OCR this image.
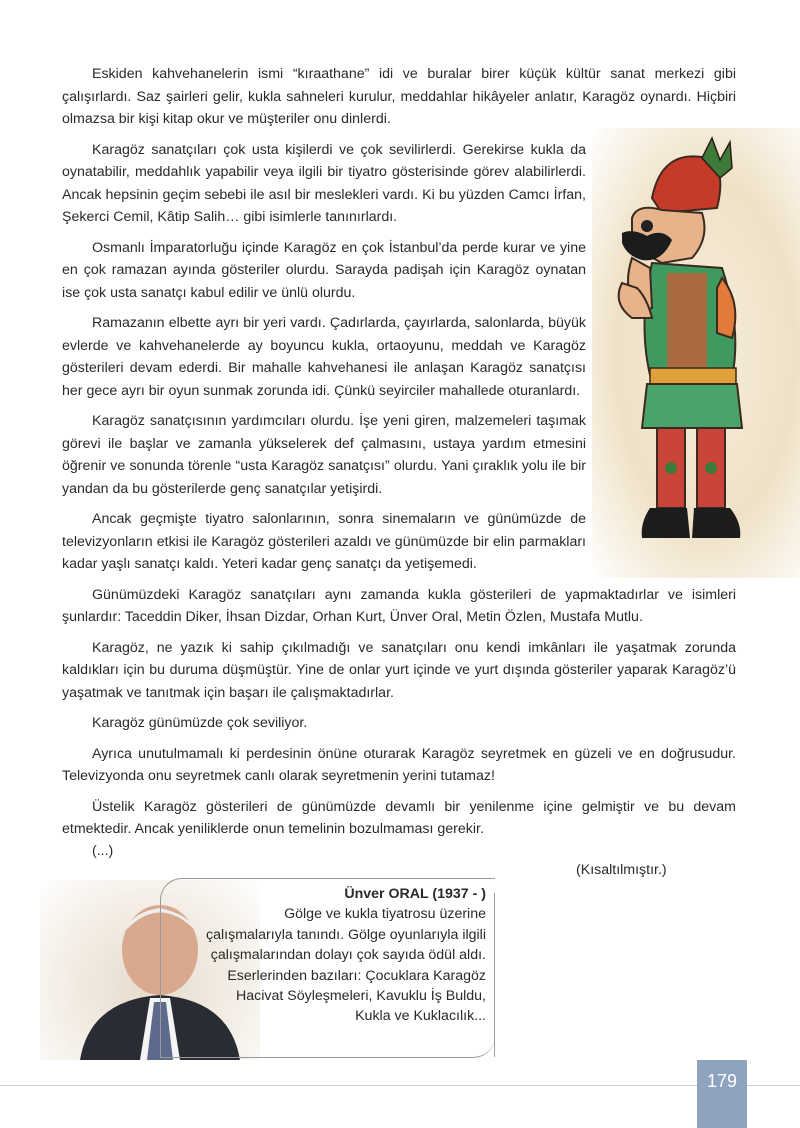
Eskiden kahvehanelerin ismi “kıraathane” idi ve buralar birer küçük kültür sanat merkezi gibi çalışırlardı. Saz şairleri gelir, kukla sahneleri kurulur, meddahlar hikâyeler anlatır, Karagöz oynardı. Hiçbiri olmazsa bir kişi kitap okur ve müşteriler onu dinlerdi.

Karagöz sanatçıları çok usta kişilerdi ve çok sevilirlerdi. Gerekirse kukla da oynatabilir, meddahlık yapabilir veya ilgili bir tiyatro gösterisinde görev alabilirlerdi. Ancak hepsinin geçim sebebi ile asıl bir meslekleri vardı. Ki bu yüzden Camcı İrfan, Şekerci Cemil, Kâtip Salih… gibi isimlerle tanınırlardı.

Osmanlı İmparatorluğu içinde Karagöz en çok İstanbul’da perde kurar ve yine en çok ramazan ayında gösteriler olurdu. Sarayda padişah için Karagöz oynatan ise çok usta sanatçı kabul edilir ve ünlü olurdu.

Ramazanın elbette ayrı bir yeri vardı. Çadırlarda, çayırlarda, salonlarda, büyük evlerde ve kahvehanelerde ay boyuncu kukla, ortaoyunu, meddah ve Karagöz gösterileri devam ederdi. Bir mahalle kahvehanesi ile anlaşan Karagöz sanatçısı her gece ayrı bir oyun sunmak zorunda idi. Çünkü seyirciler mahallede oturanlardı.

Karagöz sanatçısının yardımcıları olurdu. İşe yeni giren, malzemeleri taşımak görevi ile başlar ve zamanla yükselerek def çalmasını, ustaya yardım etmesini öğrenir ve sonunda törenle “usta Karagöz sanatçısı” olurdu. Yani çıraklık yolu ile bir yandan da bu gösterilerde genç sanatçılar yetişirdi.

Ancak geçmişte tiyatro salonlarının, sonra sinemaların ve günümüzde de televizyonların etkisi ile Karagöz gösterileri azaldı ve günümüzde bir elin parmakları kadar yaşlı sanatçı kaldı. Yeteri kadar genç sanatçı da yetişemedi.

Günümüzdeki Karagöz sanatçıları aynı zamanda kukla gösterileri de yapmaktadırlar ve isimleri şunlardır: Taceddin Diker, İhsan Dizdar, Orhan Kurt, Ünver Oral, Metin Özlen, Mustafa Mutlu.

Karagöz, ne yazık ki sahip çıkılmadığı ve sanatçıları onu kendi imkânları ile yaşatmak zorunda kaldıkları için bu duruma düşmüştür. Yine de onlar yurt içinde ve yurt dışında gösteriler yaparak Karagöz’ü yaşatmak ve tanıtmak için başarı ile çalışmaktadırlar.

Karagöz günümüzde çok seviliyor.

Ayrıca unutulmamalı ki perdesinin önüne oturarak Karagöz seyretmek en güzeli ve en doğrusudur. Televizyonda onu seyretmek canlı olarak seyretmenin yerini tutamaz!

Üstelik Karagöz gösterileri de günümüzde devamlı bir yenilenme içine gelmiştir ve bu devam etmektedir. Ancak yeniliklerde onun temelinin bozulmaması gerekir.

(...)
(Kısaltılmıştır.)
Ünver ORAL (1937 - )
Gölge ve kukla tiyatrosu üzerine çalışmalarıyla tanındı. Gölge oyunlarıyla ilgili çalışmalarından dolayı çok sayıda ödül aldı. Eserlerinden bazıları: Çocuklara Karagöz Hacivat Söyleşmeleri, Kavuklu İş Buldu, Kukla ve Kuklacılık...
179
